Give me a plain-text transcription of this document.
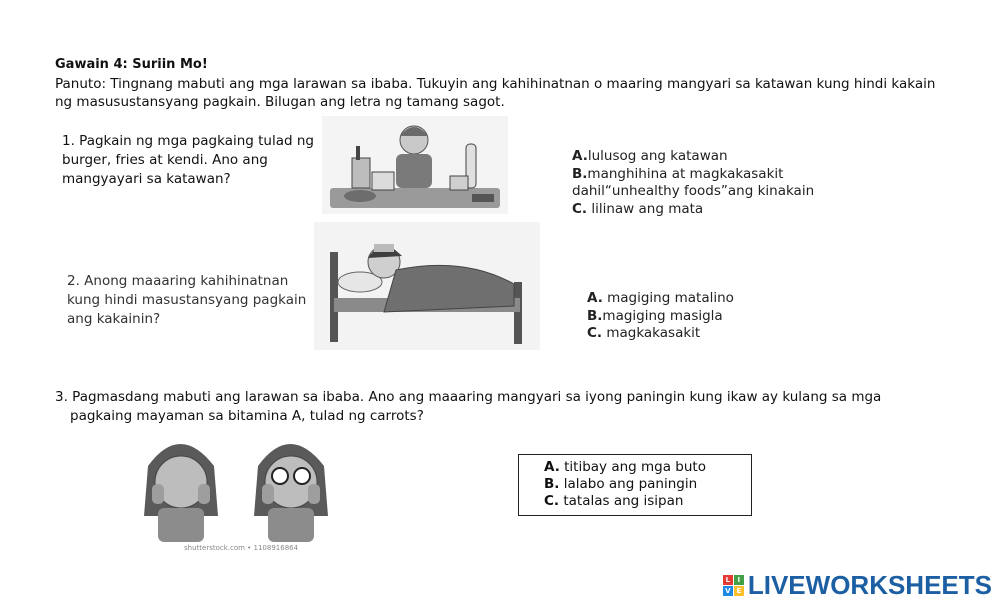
Gawain 4: Suriin Mo!
Panuto: Tingnang mabuti ang mga larawan sa ibaba. Tukuyin ang kahihinatnan o maaring mangyari sa katawan kung hindi kakain ng masusustansyang pagkain. Bilugan ang letra ng tamang sagot.
1. Pagkain ng mga pagkaing tulad ng burger, fries at kendi. Ano ang mangyayari sa katawan?
A.lulusog ang katawan
B.manghihina at magkakasakit dahil“unhealthy foods”ang kinakain
C. lilinaw ang mata
2. Anong maaaring kahihinatnan kung hindi masustansyang pagkain ang kakainin?
A. magiging matalino
B.magiging masigla
C. magkakasakit
3. Pagmasdang mabuti ang larawan sa ibaba. Ano ang maaaring mangyari sa iyong paningin kung ikaw ay kulang sa mga
pagkaing mayaman sa bitamina A, tulad ng carrots?
shutterstock.com • 1108916864
A. titibay ang mga buto
B. lalabo ang paningin
C. tatalas ang isipan
L	I
V E LIVEWORKSHEETS
